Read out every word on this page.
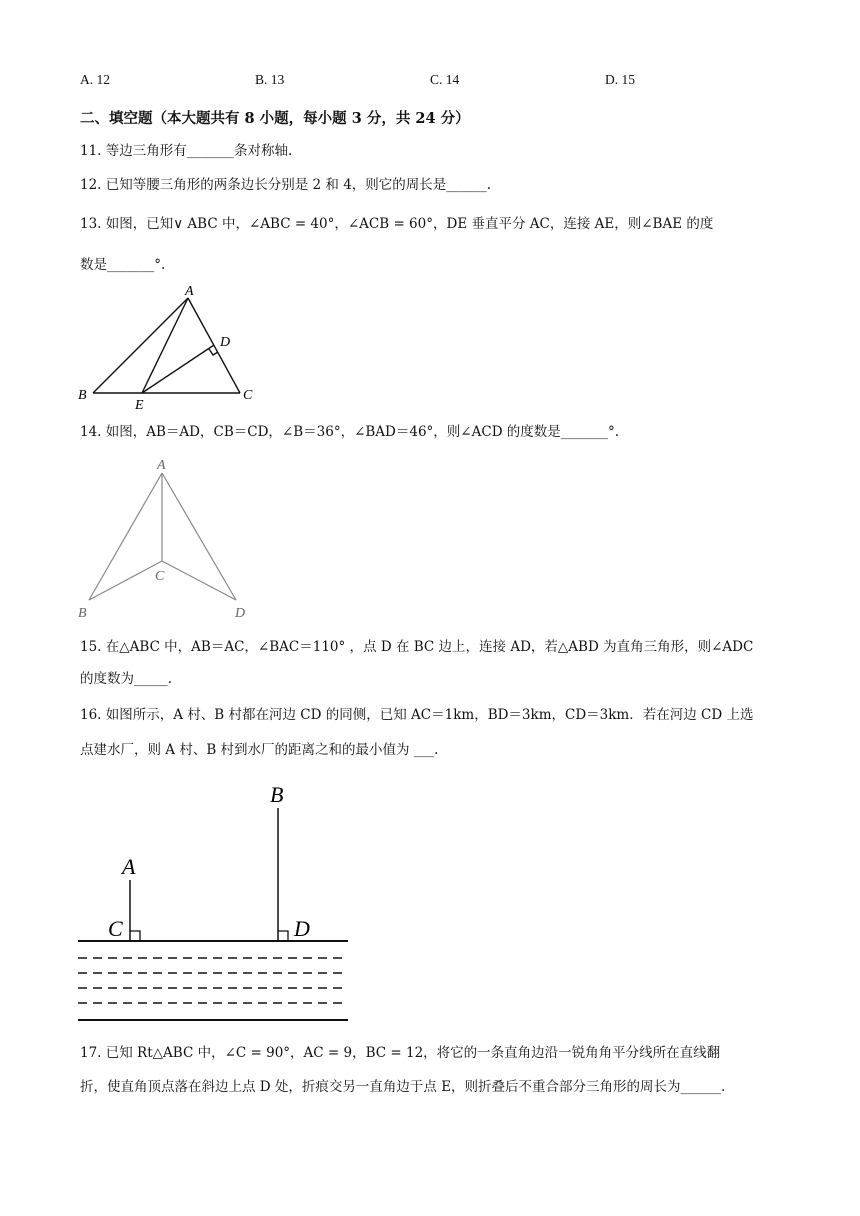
A. 12	B. 13	C. 14	D. 15
二、填空题（本大题共有 8 小题，每小题 3 分，共 24 分）
11. 等边三角形有_______条对称轴.
12. 已知等腰三角形的两条边长分别是 2 和 4，则它的周长是______.
13. 如图，已知∨ ABC 中，∠ABC = 40°，∠ACB = 60°，DE 垂直平分 AC，连接 AE，则∠BAE 的度
数是_______°.
A
B	C
D
E
14. 如图，AB＝AD，CB＝CD，∠B＝36°，∠BAD＝46°，则∠ACD 的度数是_______°.
A
B
C
D
15. 在△ABC 中，AB＝AC，∠BAC＝110° ，点 D 在 BC 边上，连接 AD，若△ABD 为直角三角形，则∠ADC
的度数为_____.
16. 如图所示，A 村、B 村都在河边 CD 的同侧，已知 AC＝1km，BD＝3km，CD＝3km．若在河边 CD 上选
点建水厂，则 A 村、B 村到水厂的距离之和的最小值为 ___.
A
B
C	D
17. 已知 Rt△ABC 中，∠C = 90°，AC = 9，BC = 12，将它的一条直角边沿一锐角角平分线所在直线翻
折，使直角顶点落在斜边上点 D 处，折痕交另一直角边于点 E，则折叠后不重合部分三角形的周长为______.
